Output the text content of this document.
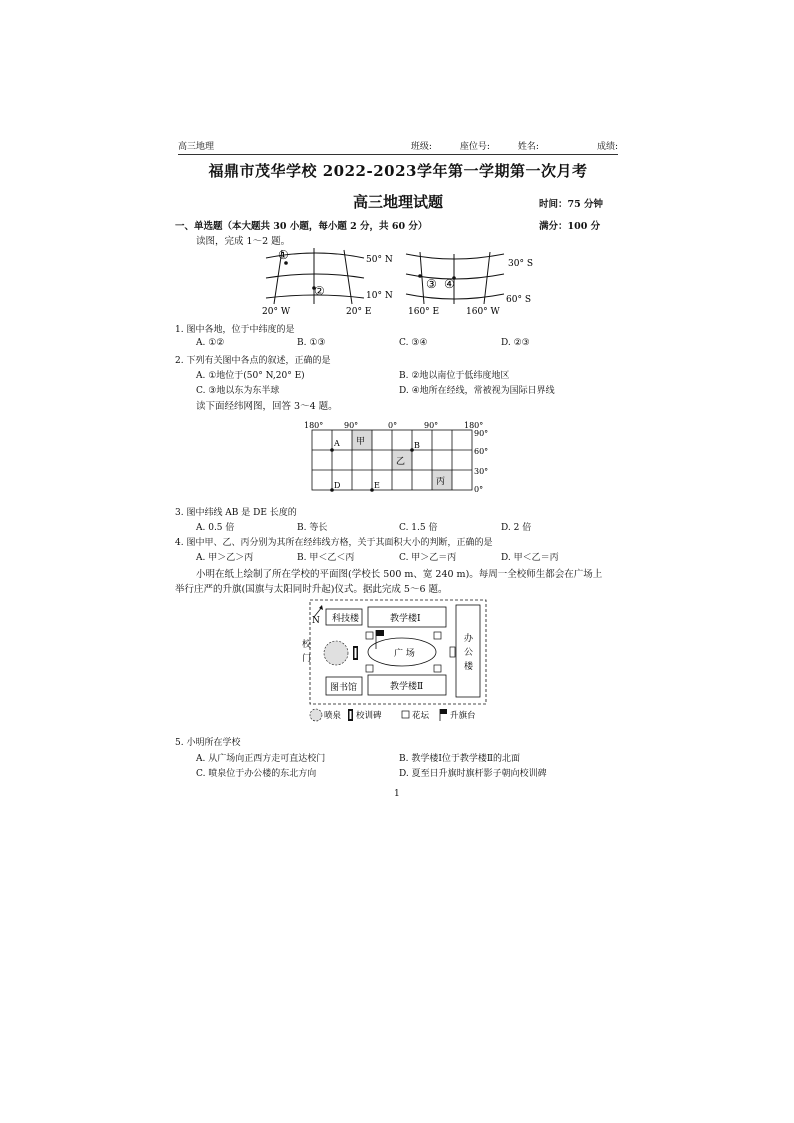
高三地理	班级:	座位号:	姓名:	成绩:
福鼎市茂华学校 2022-2023学年第一学期第一次月考
高三地理试题	时间：75 分钟
一、单选题（本大题共 30 小题，每小题 2 分，共 60 分）	满分：100 分
读图，完成 1～2 题。
①
②
50° N
10° N
20° W	20° E
③ ④
30° S
60° S
160° E	160° W
1. 图中各地，位于中纬度的是
A. ①②	B. ①③	C. ③④	D. ②③
2. 下列有关图中各点的叙述，正确的是
A. ①地位于(50° N,20° E)	B. ②地以南位于低纬度地区
C. ③地以东为东半球	D. ④地所在经线，常被视为国际日界线
读下面经纬网图，回答 3～4 题。
180°	90°	0°	90°	180°
90°
60°
30°
0°
A	B
D	E
甲
乙
丙
3. 图中纬线 AB 是 DE 长度的
A. 0.5 倍	B. 等长	C. 1.5 倍	D. 2 倍
4. 图中甲、乙、丙分别为其所在经纬线方格，关于其面积大小的判断，正确的是
A. 甲＞乙＞丙	B. 甲＜乙＜丙	C. 甲＞乙＝丙	D. 甲＜乙＝丙
小明在纸上绘制了所在学校的平面图(学校长 500 m、宽 240 m)。每周一全校师生都会在广场上
举行庄严的升旗(国旗与太阳同时升起)仪式。据此完成 5～6 题。
N 科技楼	教学楼Ⅰ
图书馆	教学楼Ⅱ
办
公
楼
校
门	广 场
喷泉 校训碑	花坛 升旗台
5. 小明所在学校
A. 从广场向正西方走可直达校门	B. 教学楼Ⅰ位于教学楼Ⅱ的北面
C. 喷泉位于办公楼的东北方向	D. 夏至日升旗时旗杆影子朝向校训碑
1
